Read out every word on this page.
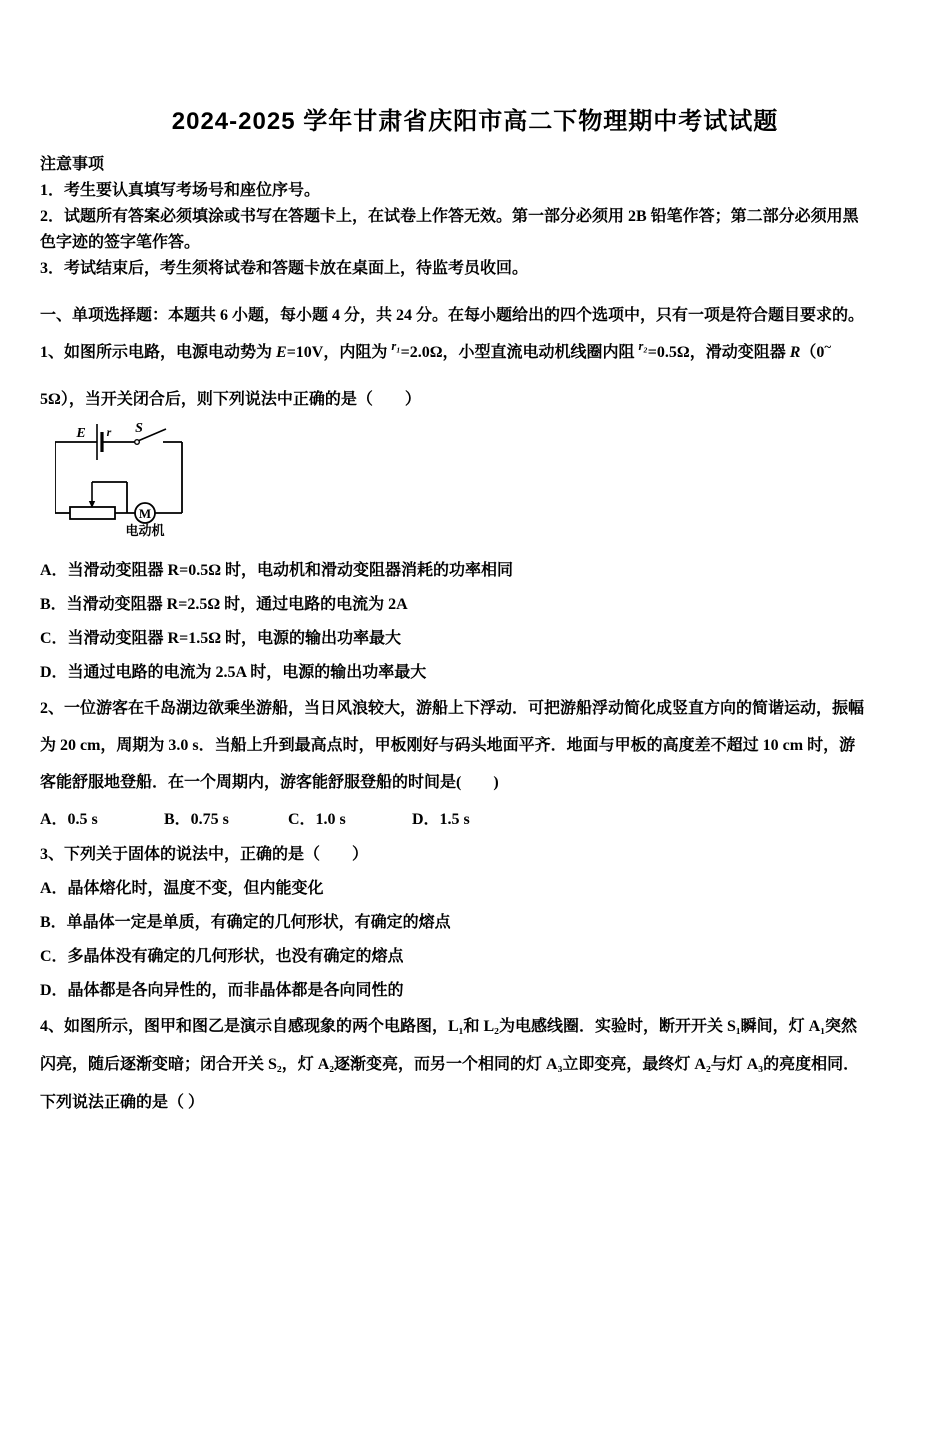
2024-2025 学年甘肃省庆阳市高二下物理期中考试试题
注意事项
1．考生要认真填写考场号和座位序号。
2．试题所有答案必须填涂或书写在答题卡上，在试卷上作答无效。第一部分必须用 2B 铅笔作答；第二部分必须用黑
色字迹的签字笔作答。
3．考试结束后，考生须将试卷和答题卡放在桌面上，待监考员收回。
一、单项选择题：本题共 6 小题，每小题 4 分，共 24 分。在每小题给出的四个选项中，只有一项是符合题目要求的。
1、如图所示电路，电源电动势为 E=10V，内阻为 $^{r_1}$=2.0Ω，小型直流电动机线圈内阻 $^{r_2}$=0.5Ω，滑动变阻器 R（0~
5Ω），当开关闭合后，则下列说法中正确的是（　　）
M
E r S
电动机
A．当滑动变阻器 R=0.5Ω 时，电动机和滑动变阻器消耗的功率相同
B．当滑动变阻器 R=2.5Ω 时，通过电路的电流为 2A
C．当滑动变阻器 R=1.5Ω 时，电源的输出功率最大
D．当通过电路的电流为 2.5A 时，电源的输出功率最大
2、一位游客在千岛湖边欲乘坐游船，当日风浪较大，游船上下浮动．可把游船浮动简化成竖直方向的简谐运动，振幅
为 20 cm，周期为 3.0 s．当船上升到最高点时，甲板刚好与码头地面平齐．地面与甲板的高度差不超过 10 cm 时，游
客能舒服地登船．在一个周期内，游客能舒服登船的时间是(　　)
A．0.5 s	B．0.75 s	C．1.0 s	D．1.5 s
3、下列关于固体的说法中，正确的是（　　）
A．晶体熔化时，温度不变，但内能变化
B．单晶体一定是单质，有确定的几何形状，有确定的熔点
C．多晶体没有确定的几何形状，也没有确定的熔点
D．晶体都是各向异性的，而非晶体都是各向同性的
4、如图所示，图甲和图乙是演示自感现象的两个电路图，L₁和 L₂为电感线圈．实验时，断开开关 S₁瞬间，灯 A₁突然
闪亮，随后逐渐变暗；闭合开关 S₂，灯 A₂逐渐变亮，而另一个相同的灯 A₃立即变亮，最终灯 A₂与灯 A₃的亮度相同．
下列说法正确的是（ ）
